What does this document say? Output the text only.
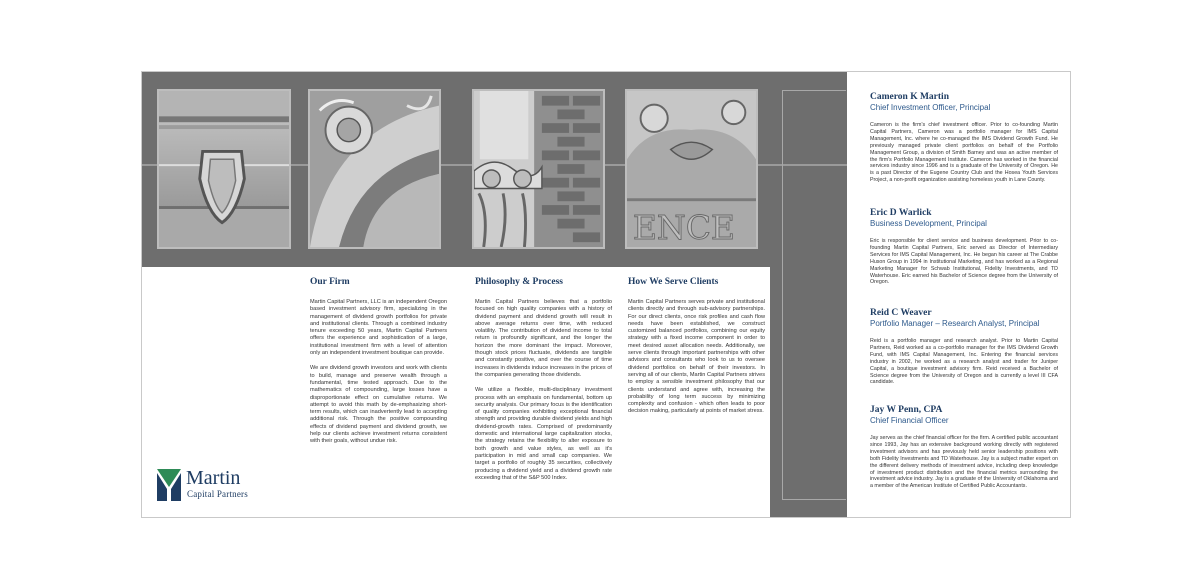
ENCE
Our Firm

Martin Capital Partners, LLC is an independent Oregon based investment advisory firm, specializing in the management of dividend growth portfolios for private and institutional clients. Through a combined industry tenure exceeding 50 years, Martin Capital Partners offers the experience and sophistication of a large, institutional investment firm with a level of attention only an independent investment boutique can provide.

We are dividend growth investors and work with clients to build, manage and preserve wealth through a fundamental, time tested approach. Due to the mathematics of compounding, large losses have a disproportionate effect on cumulative returns. We attempt to avoid this math by de-emphasizing short-term results, which can inadvertently lead to accepting additional risk. Through the positive compounding effects of dividend payment and dividend growth, we help our clients achieve investment returns consistent with their goals, without undue risk.

Philosophy & Process

Martin Capital Partners believes that a portfolio focused on high quality companies with a history of dividend payment and dividend growth will result in above average returns over time, with reduced volatility. The contribution of dividend income to total return is profoundly significant, and the longer the horizon the more dominant the impact. Moreover, though stock prices fluctuate, dividends are tangible and constantly positive, and over the course of time increases in dividends induce increases in the prices of the companies generating those dividends.

We utilize a flexible, multi-disciplinary investment process with an emphasis on fundamental, bottom up security analysis. Our primary focus is the identification of quality companies exhibiting exceptional financial strength and providing durable dividend yields and high dividend-growth rates. Comprised of predominantly domestic and international large capitalization stocks, the strategy retains the flexibility to alter exposure to both growth and value styles, as well as it's participation in mid and small cap companies. We target a portfolio of roughly 35 securities, collectively producing a dividend yield and a dividend growth rate exceeding that of the S&P 500 Index.

How We Serve Clients

Martin Capital Partners serves private and institutional clients directly and through sub-advisory partnerships. For our direct clients, once risk profiles and cash flow needs have been established, we construct customized balanced portfolios, combining our equity strategy with a fixed income component in order to meet desired asset allocation needs. Additionally, we serve clients through important partnerships with other advisors and consultants who look to us to oversee dividend portfolios on behalf of their investors. In serving all of our clients, Martin Capital Partners strives to employ a sensible investment philosophy that our clients understand and agree with, increasing the probability of long term success by minimizing complexity and confusion - which often leads to poor decision making, particularly at points of market stress.

Martin
Capital Partners
Cameron K Martin
Chief Investment Officer, Principal

Cameron is the firm's chief investment officer. Prior to co-founding Martin Capital Partners, Cameron was a portfolio manager for IMS Capital Management, Inc. where he co-managed the IMS Dividend Growth Fund. He previously managed private client portfolios on behalf of the Portfolio Management Group, a division of Smith Barney and was an active member of the firm's Portfolio Management Institute. Cameron has worked in the financial services industry since 1996 and is a graduate of the University of Oregon. He is a past Director of the Eugene Country Club and the Hosea Youth Services Project, a non-profit organization assisting homeless youth in Lane County.

Eric D Warlick
Business Development, Principal

Eric is responsible for client service and business development. Prior to co-founding Martin Capital Partners, Eric served as Director of Intermediary Services for IMS Capital Management, Inc. He began his career at The Crabbe Huson Group in 1994 in Institutional Marketing, and has worked as a Regional Marketing Manager for Schwab Institutional, Fidelity Investments, and TD Waterhouse. Eric earned his Bachelor of Science degree from the University of Oregon.

Reid C Weaver
Portfolio Manager – Research Analyst, Principal

Reid is a portfolio manager and research analyst. Prior to Martin Capital Partners, Reid worked as a co-portfolio manager for the IMS Dividend Growth Fund, with IMS Capital Management, Inc. Entering the financial services industry in 2002, he worked as a research analyst and trader for Juniper Capital, a boutique investment advisory firm. Reid received a Bachelor of Science degree from the University of Oregon and is currently a level III CFA candidate.

Jay W Penn, CPA
Chief Financial Officer

Jay serves as the chief financial officer for the firm. A certified public accountant since 1993, Jay has an extensive background working directly with registered investment advisors and has previously held senior leadership positions with both Fidelity Investments and TD Waterhouse. Jay is a subject matter expert on the different delivery methods of investment advice, including deep knowledge of investment product distribution and the financial metrics surrounding the investment advice industry. Jay is a graduate of the University of Oklahoma and a member of the American Institute of Certified Public Accountants.
